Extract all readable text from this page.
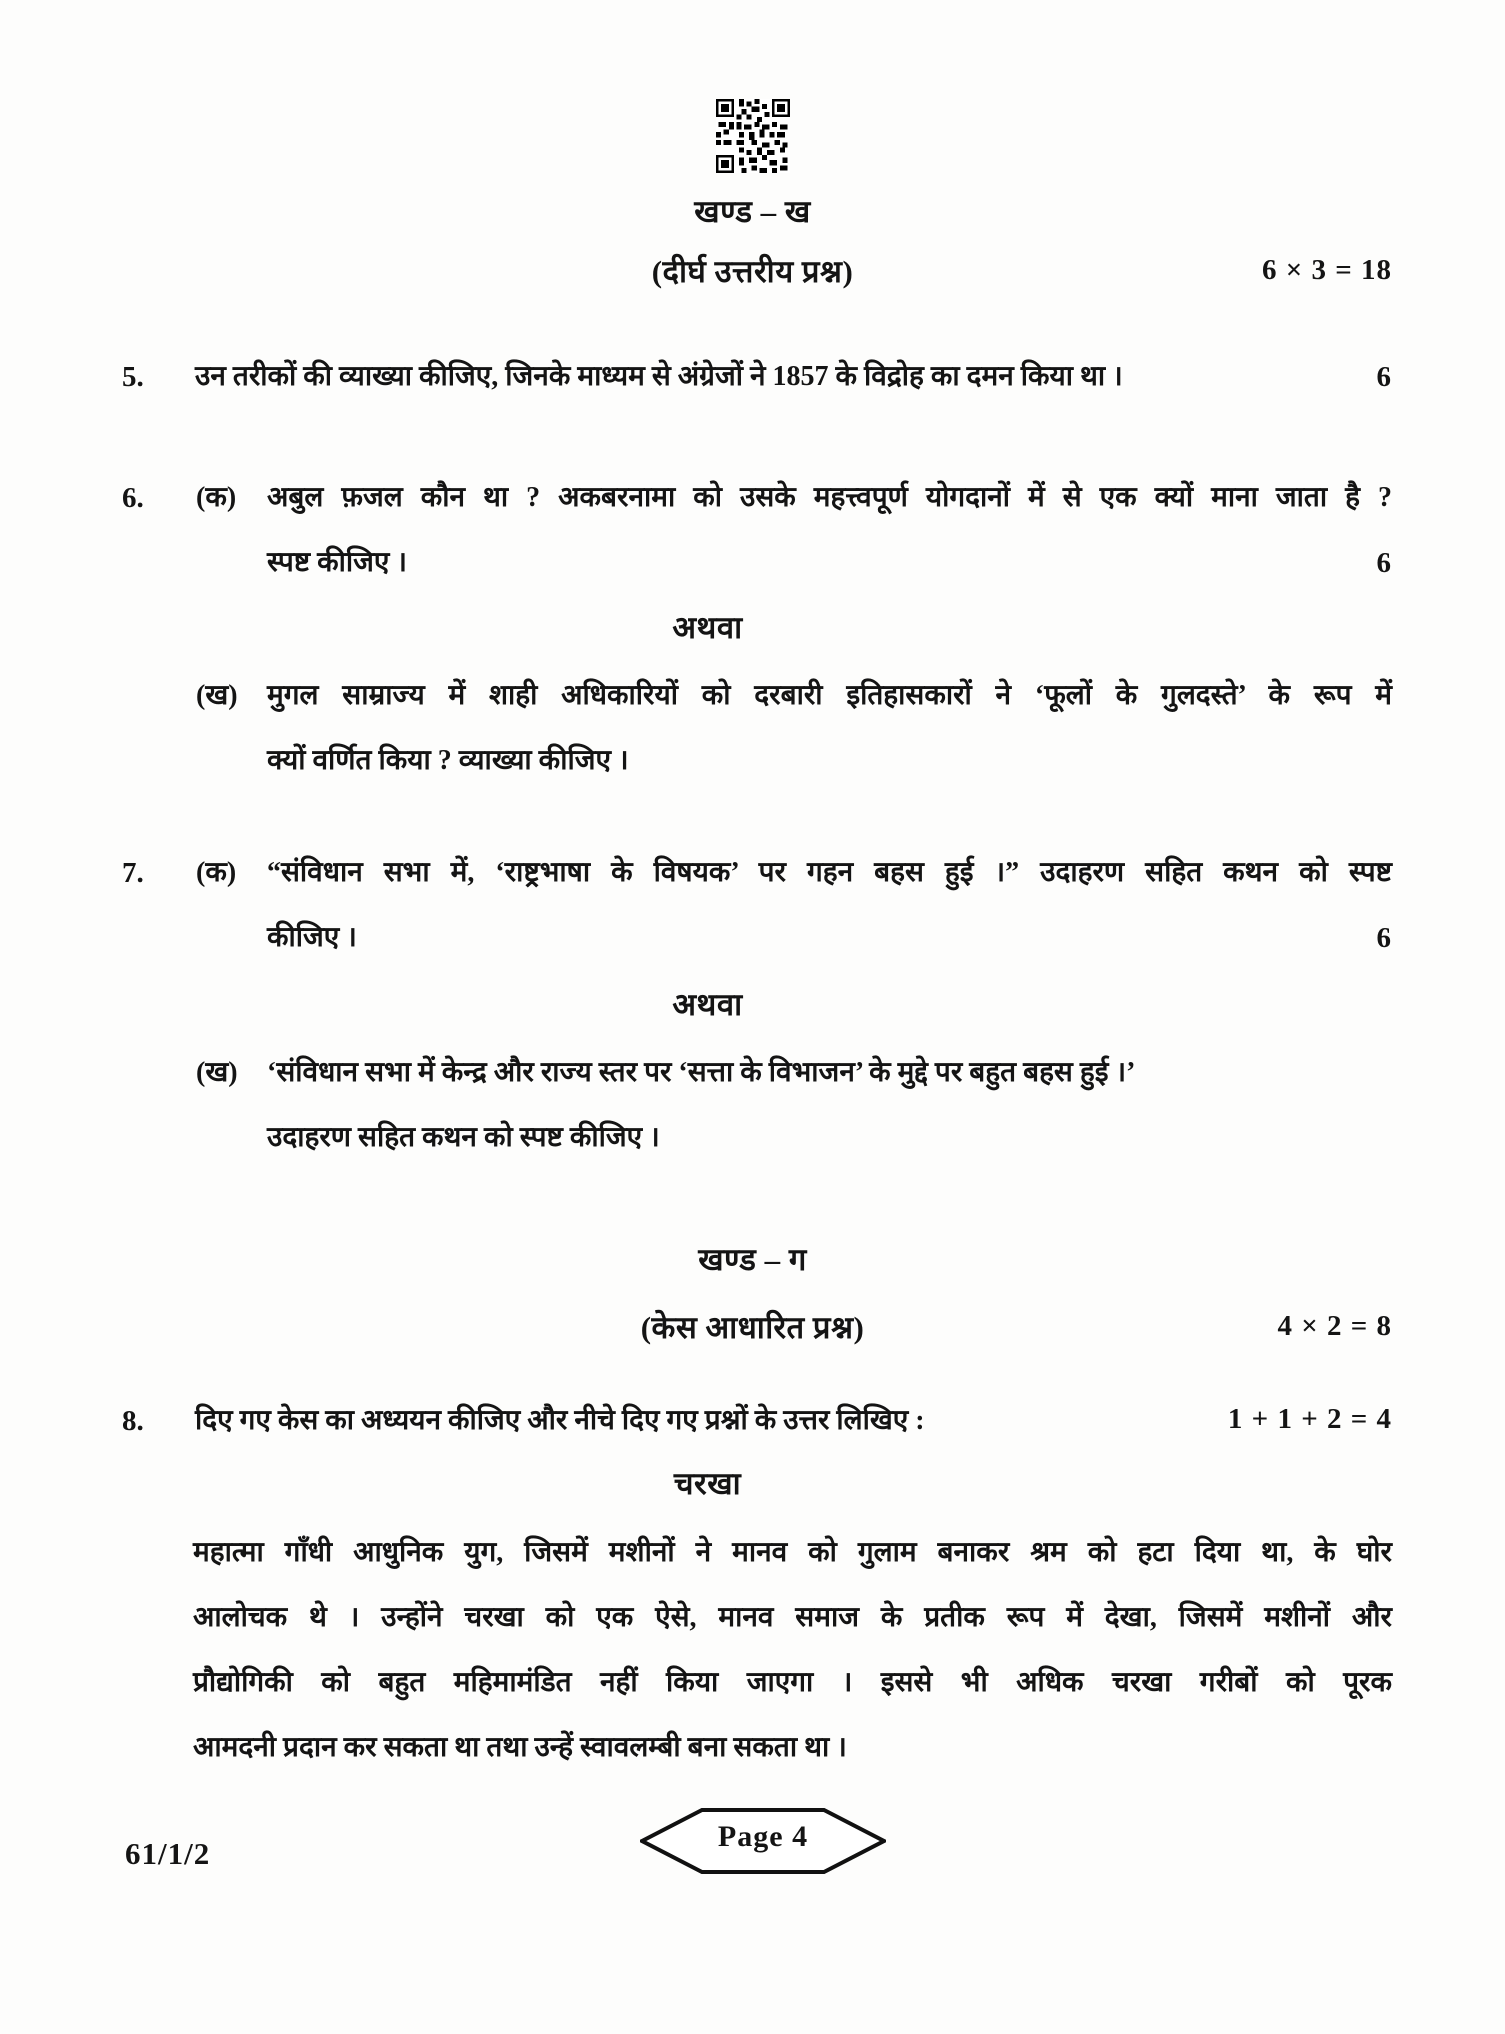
खण्ड – ख
(दीर्घ उत्तरीय प्रश्न)	6 × 3 = 18
5. उन तरीकों की व्याख्या कीजिए, जिनके माध्यम से अंग्रेजों ने 1857 के विद्रोह का दमन किया था ।	6
6. (क) अबुल फ़जल कौन था ? अकबरनामा को उसके महत्त्वपूर्ण योगदानों में से एक क्यों माना जाता है ?
स्पष्ट कीजिए ।	6
अथवा
(ख) मुगल साम्राज्य में शाही अधिकारियों को दरबारी इतिहासकारों ने ‘फूलों के गुलदस्ते’ के रूप में
क्यों वर्णित किया ? व्याख्या कीजिए ।
7. (क) “संविधान सभा में, ‘राष्ट्रभाषा के विषयक’ पर गहन बहस हुई ।” उदाहरण सहित कथन को स्पष्ट
कीजिए ।	6
अथवा
(ख) ‘संविधान सभा में केन्द्र और राज्य स्तर पर ‘सत्ता के विभाजन’ के मुद्दे पर बहुत बहस हुई ।’
उदाहरण सहित कथन को स्पष्ट कीजिए ।
खण्ड – ग
(केस आधारित प्रश्न)	4 × 2 = 8
8. दिए गए केस का अध्ययन कीजिए और नीचे दिए गए प्रश्नों के उत्तर लिखिए :	1 + 1 + 2 = 4
चरखा
महात्मा गाँधी आधुनिक युग, जिसमें मशीनों ने मानव को गुलाम बनाकर श्रम को हटा दिया था, के घोर
आलोचक थे । उन्होंने चरखा को एक ऐसे, मानव समाज के प्रतीक रूप में देखा, जिसमें मशीनों और
प्रौद्योगिकी को बहुत महिमामंडित नहीं किया जाएगा । इससे भी अधिक चरखा गरीबों को पूरक
आमदनी प्रदान कर सकता था तथा उन्हें स्वावलम्बी बना सकता था ।
61/1/2	Page 4
